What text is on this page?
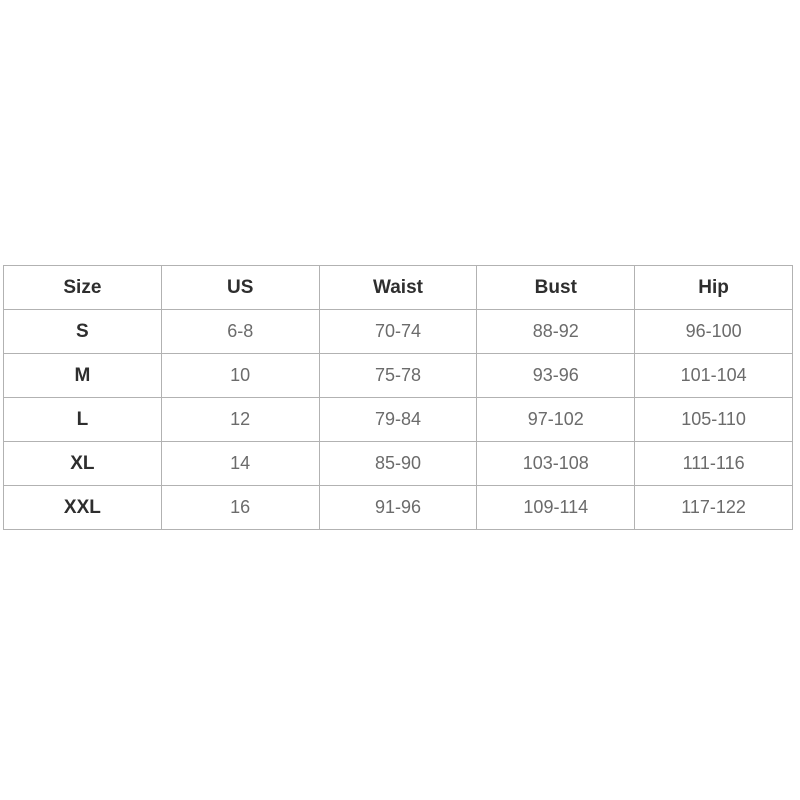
Size	US	Waist	Bust	Hip
S	6-8	70-74	88-92	96-100
M	10	75-78	93-96	101-104
L	12	79-84	97-102	105-110
XL	14	85-90	103-108	111-116
XXL	16	91-96	109-114	117-122
